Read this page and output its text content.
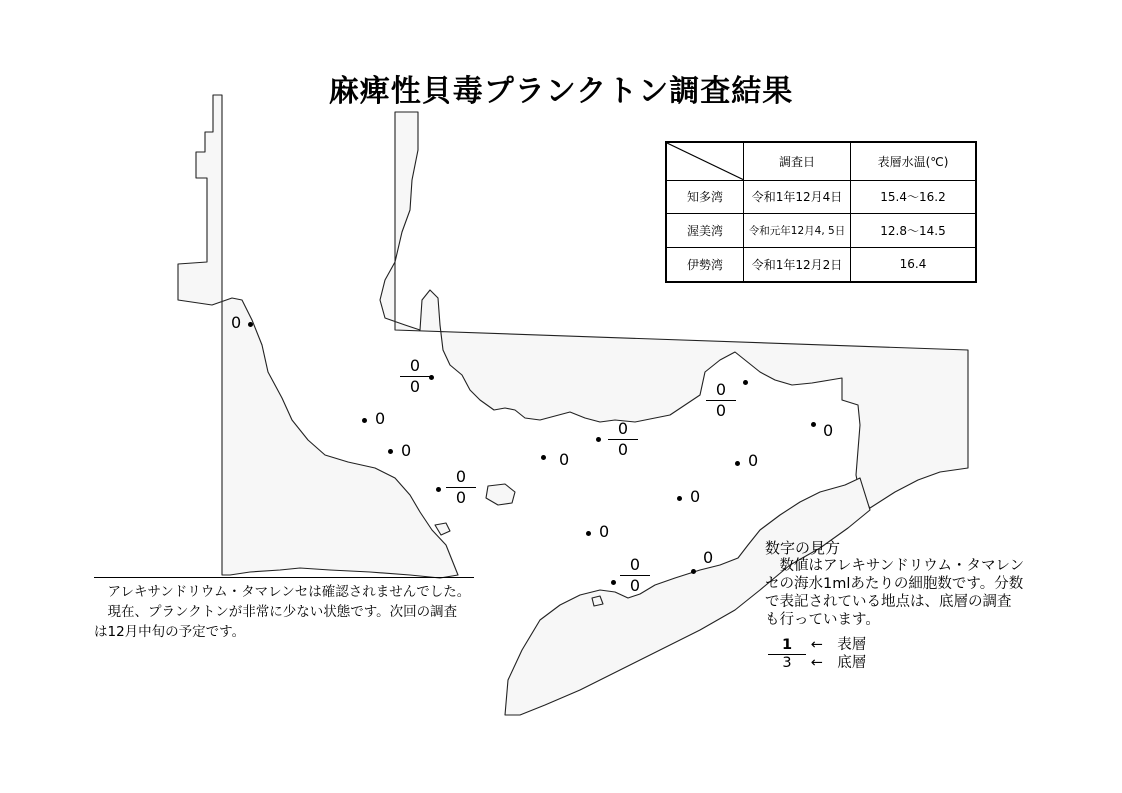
麻痺性貝毒プランクトン調査結果
	調査日	表層水温(℃)
知多湾	令和1年12月4日	15.4～16.2
渥美湾	令和元年12月4, 5日	12.8～14.5
伊勢湾	令和1年12月2日	16.4
0
$\frac{0}{0}$
0
0
$\frac{0}{0}$
0
$\frac{0}{0}$
$\frac{0}{0}$
0
0
0
0
$\frac{0}{0}$	0

アレキサンドリウム・タマレンセは確認されませんでした。

現在、プランクトンが非常に少ない状態です。次回の調査

は12月中旬の予定です。

数字の見方

数値はアレキサンドリウム・タマレンセの海水1mlあたりの細胞数です。分数で表記されている地点は、底層の調査も行っています。

1 ← 表層
3 ← 底層
